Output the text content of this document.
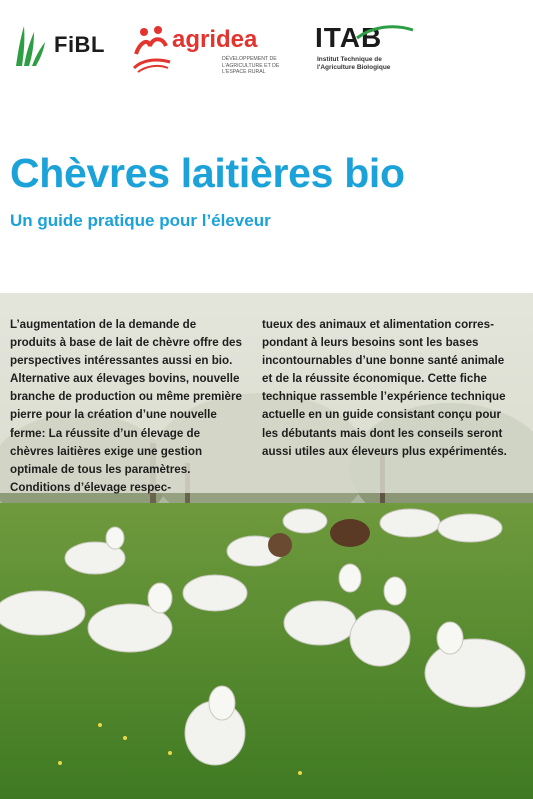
FiBL	agridea
DÉVELOPPEMENT DE L'AGRICULTURE ET DE L'ESPACE RURAL
ITAB
Institut Technique de l'Agriculture Biologique
Chèvres laitières bio
Un guide pratique pour l’éleveur

L’augmentation de la demande de produits à base de lait de chèvre offre des perspectives intéressantes aussi en bio. Alternative aux élevages bovins, nouvelle branche de production ou même première pierre pour la création d’une nouvelle ferme: La réussite d’un élevage de chèvres laitières exige une gestion optimale de tous les paramètres. Conditions d’élevage respec-

tueux des animaux et alimentation correspondant à leurs besoins sont les bases incontournables d’une bonne santé animale et de la réussite économique. Cette fiche technique rassemble l’expérience technique actuelle en un guide consistant conçu pour les débutants mais dont les conseils seront aussi utiles aux éleveurs plus expérimentés.
